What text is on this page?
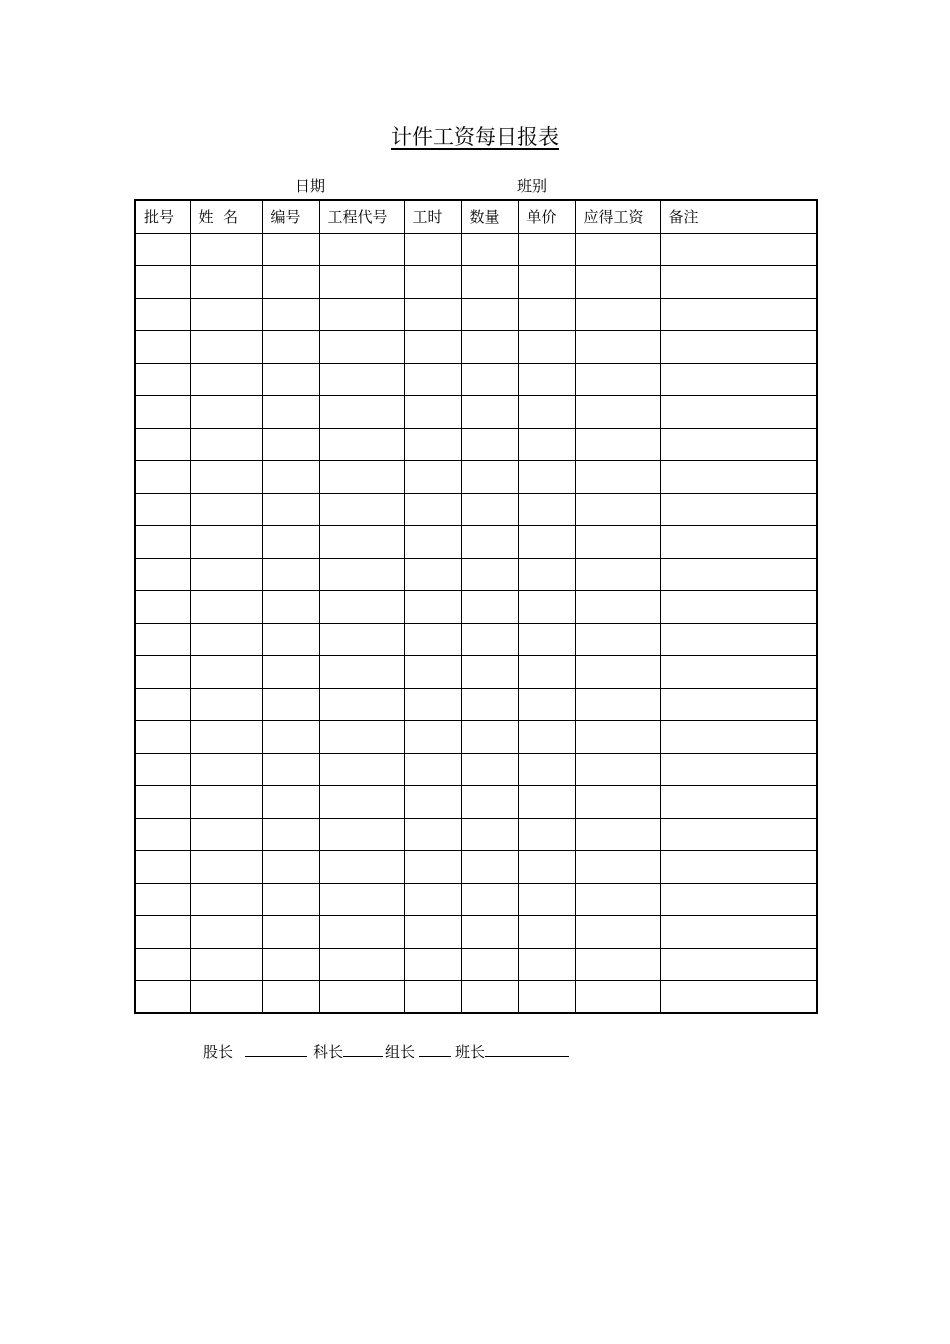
计件工资每日报表
日期	班别
批号	姓  名	编号	工程代号	工时	数量	单价	应得工资	备注

股长	科长	组长	班长
